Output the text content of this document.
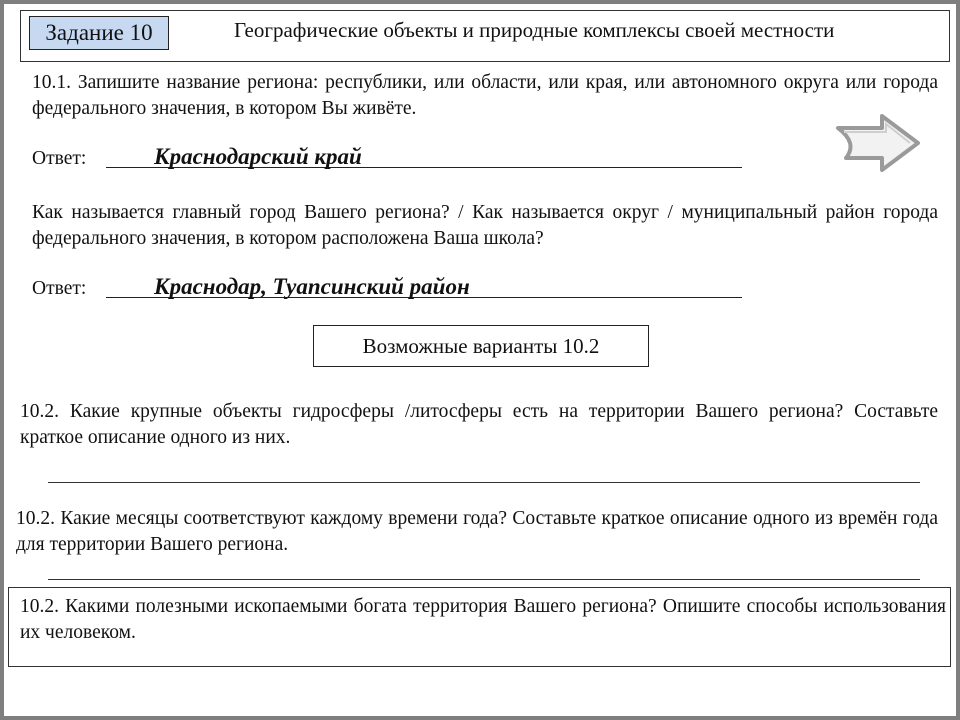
Задание 10	Географические объекты и природные комплексы своей местности
10.1. Запишите название региона: республики, или области, или края, или автономного округа или города федерального значения, в котором Вы живёте.
Ответ:	Краснодарский край
Как называется главный город Вашего региона? / Как называется округ / муниципальный район города федерального значения, в котором расположена Ваша школа?
Ответ:	Краснодар, Туапсинский район
Возможные варианты 10.2
10.2. Какие крупные объекты гидросферы /литосферы есть на территории Вашего региона? Составьте краткое описание одного из них.
10.2. Какие месяцы соответствуют каждому времени года? Составьте краткое описание одного из времён года для территории Вашего региона.
10.2. Какими полезными ископаемыми богата территория Вашего региона? Опишите способы использования их человеком.
